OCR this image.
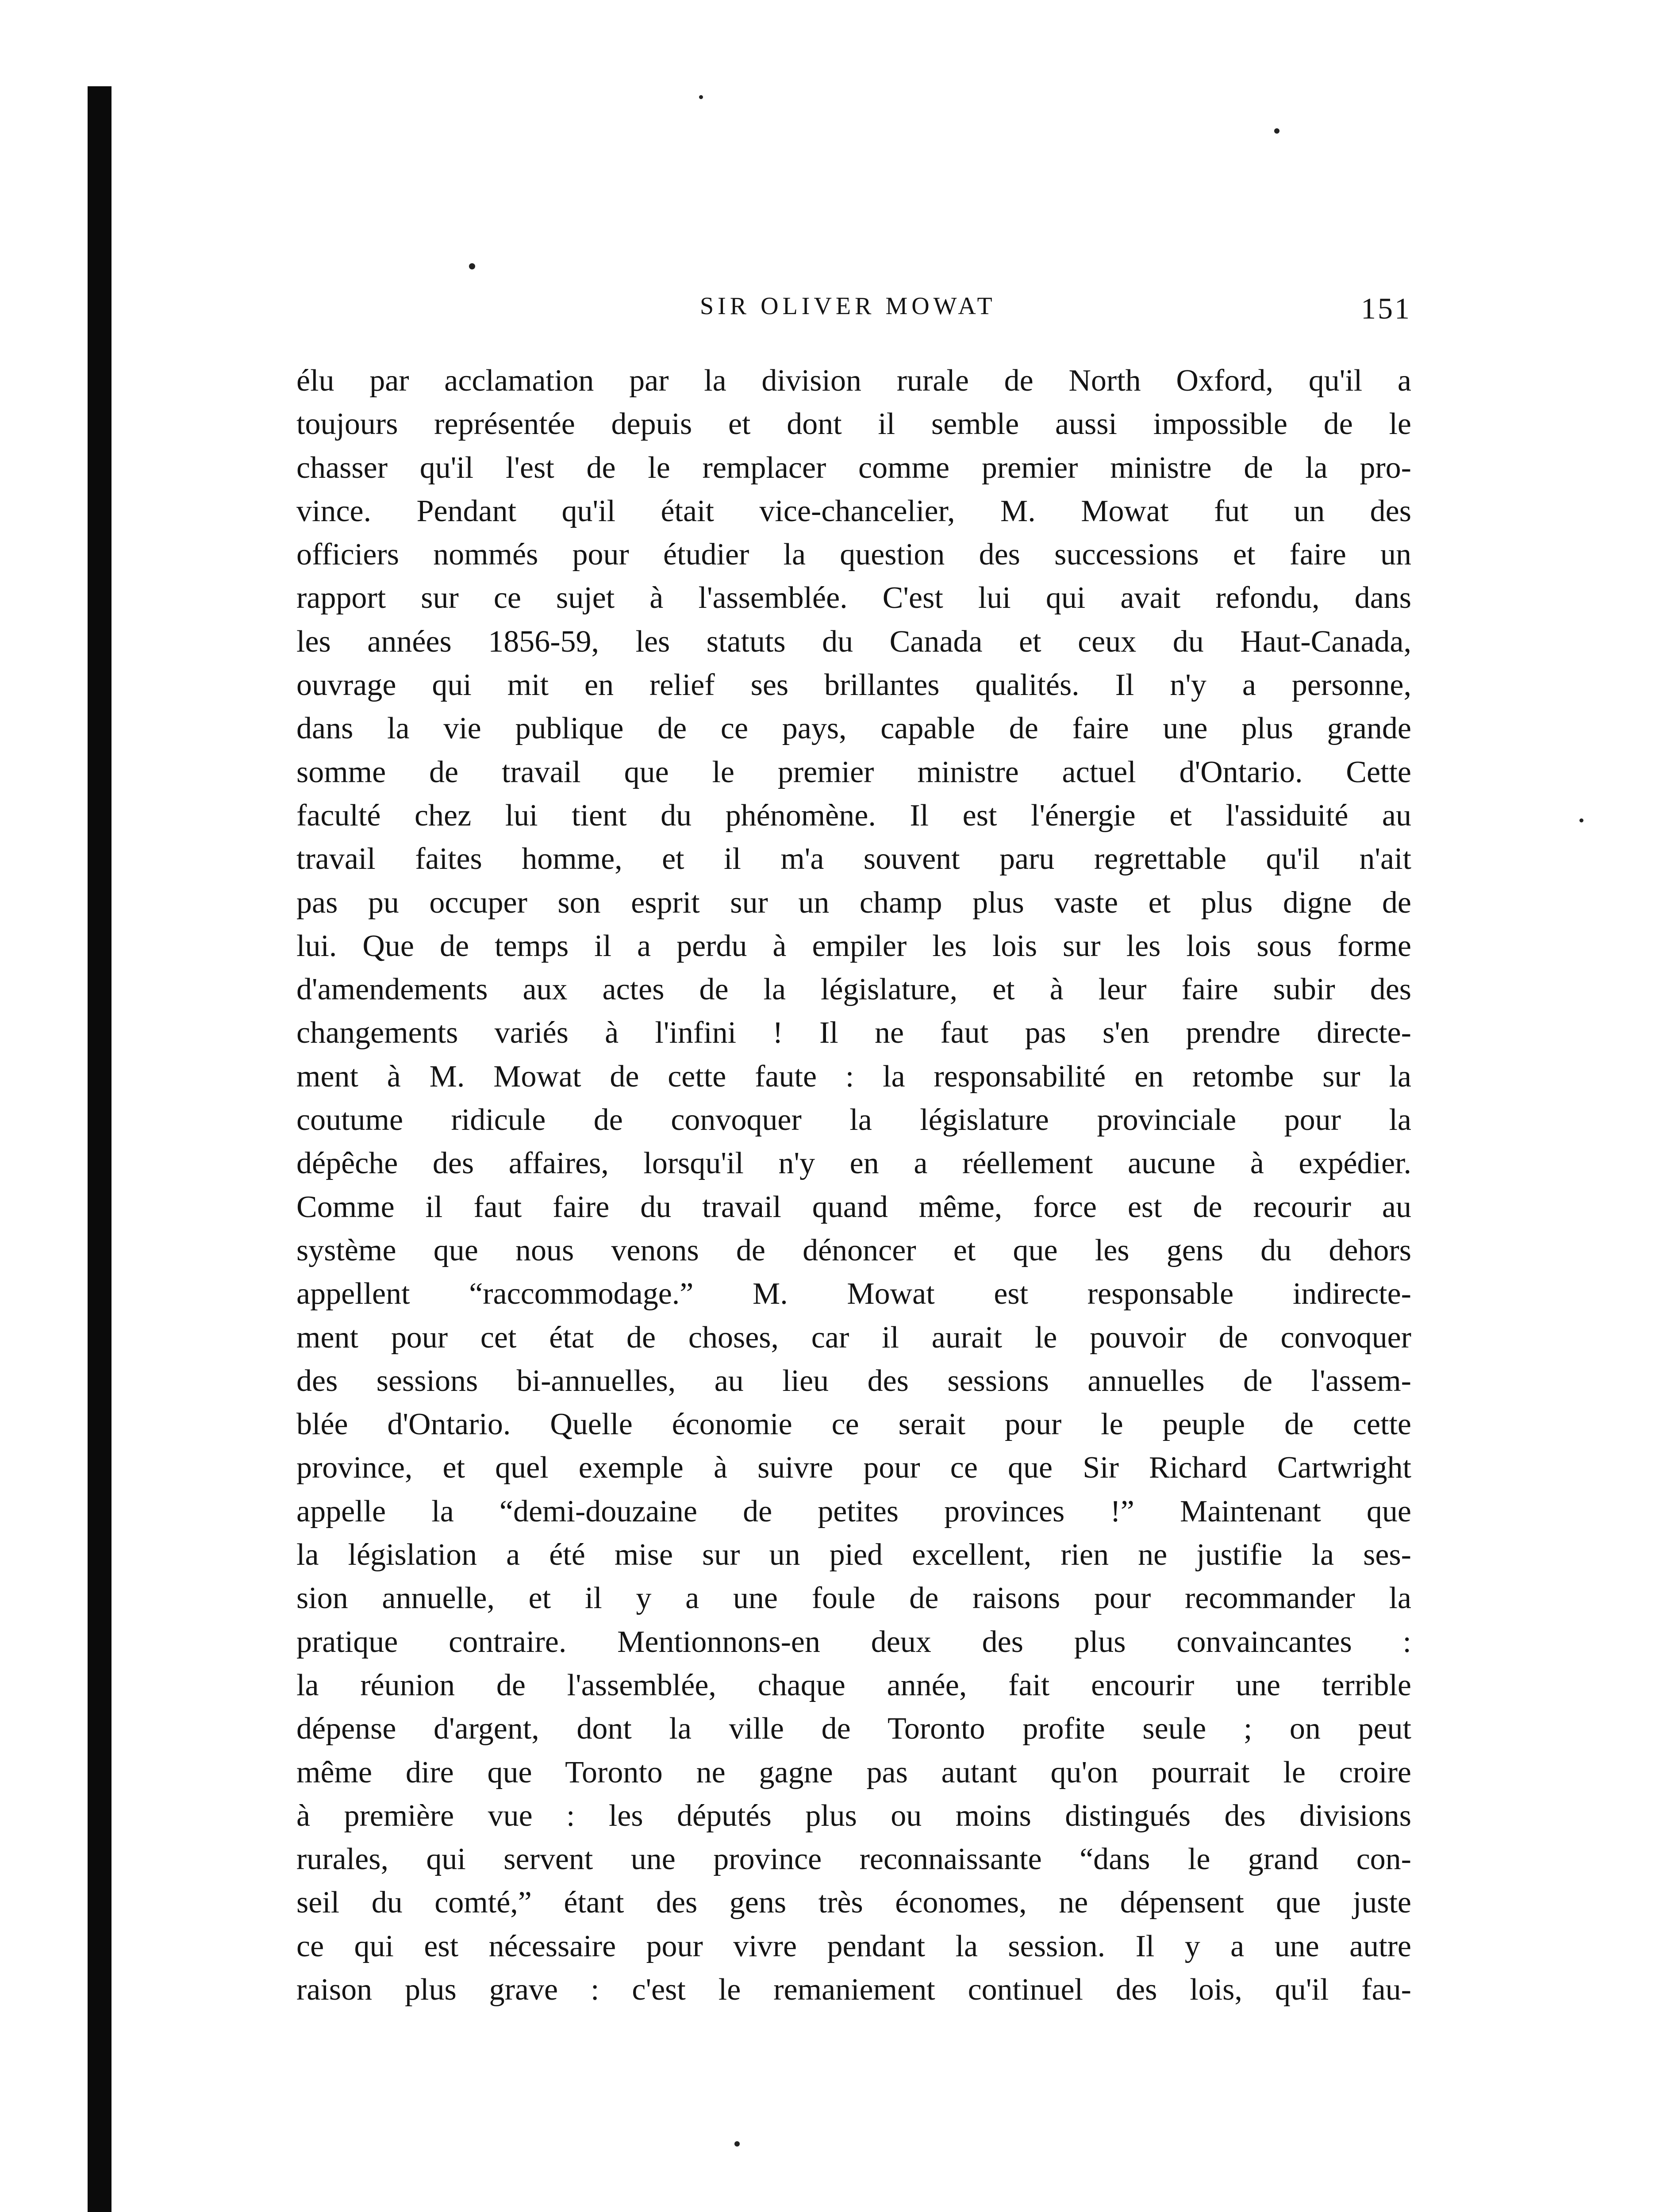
SIR OLIVER MOWAT	151
élu par acclamation par la division rurale de North Oxford, qu'il a
toujours représentée depuis et dont il semble aussi impossible de le
chasser qu'il l'est de le remplacer comme premier ministre de la pro-
vince. Pendant qu'il était vice-chancelier, M. Mowat fut un des
officiers nommés pour étudier la question des successions et faire un
rapport sur ce sujet à l'assemblée. C'est lui qui avait refondu, dans
les années 1856-59, les statuts du Canada et ceux du Haut-Canada,
ouvrage qui mit en relief ses brillantes qualités. Il n'y a personne,
dans la vie publique de ce pays, capable de faire une plus grande
somme de travail que le premier ministre actuel d'Ontario. Cette
faculté chez lui tient du phénomène. Il est l'énergie et l'assiduité au
travail faites homme, et il m'a souvent paru regrettable qu'il n'ait
pas pu occuper son esprit sur un champ plus vaste et plus digne de
lui. Que de temps il a perdu à empiler les lois sur les lois sous forme
d'amendements aux actes de la législature, et à leur faire subir des
changements variés à l'infini ! Il ne faut pas s'en prendre directe-
ment à M. Mowat de cette faute : la responsabilité en retombe sur la
coutume ridicule de convoquer la législature provinciale pour la
dépêche des affaires, lorsqu'il n'y en a réellement aucune à expédier.
Comme il faut faire du travail quand même, force est de recourir au
système que nous venons de dénoncer et que les gens du dehors
appellent “raccommodage.” M. Mowat est responsable indirecte-
ment pour cet état de choses, car il aurait le pouvoir de convoquer
des sessions bi-annuelles, au lieu des sessions annuelles de l'assem-
blée d'Ontario. Quelle économie ce serait pour le peuple de cette
province, et quel exemple à suivre pour ce que Sir Richard Cartwright
appelle la “demi-douzaine de petites provinces !” Maintenant que
la législation a été mise sur un pied excellent, rien ne justifie la ses-
sion annuelle, et il y a une foule de raisons pour recommander la
pratique contraire. Mentionnons-en deux des plus convaincantes :
la réunion de l'assemblée, chaque année, fait encourir une terrible
dépense d'argent, dont la ville de Toronto profite seule ; on peut
même dire que Toronto ne gagne pas autant qu'on pourrait le croire
à première vue : les députés plus ou moins distingués des divisions
rurales, qui servent une province reconnaissante “dans le grand con-
seil du comté,” étant des gens très économes, ne dépensent que juste
ce qui est nécessaire pour vivre pendant la session. Il y a une autre
raison plus grave : c'est le remaniement continuel des lois, qu'il fau-
